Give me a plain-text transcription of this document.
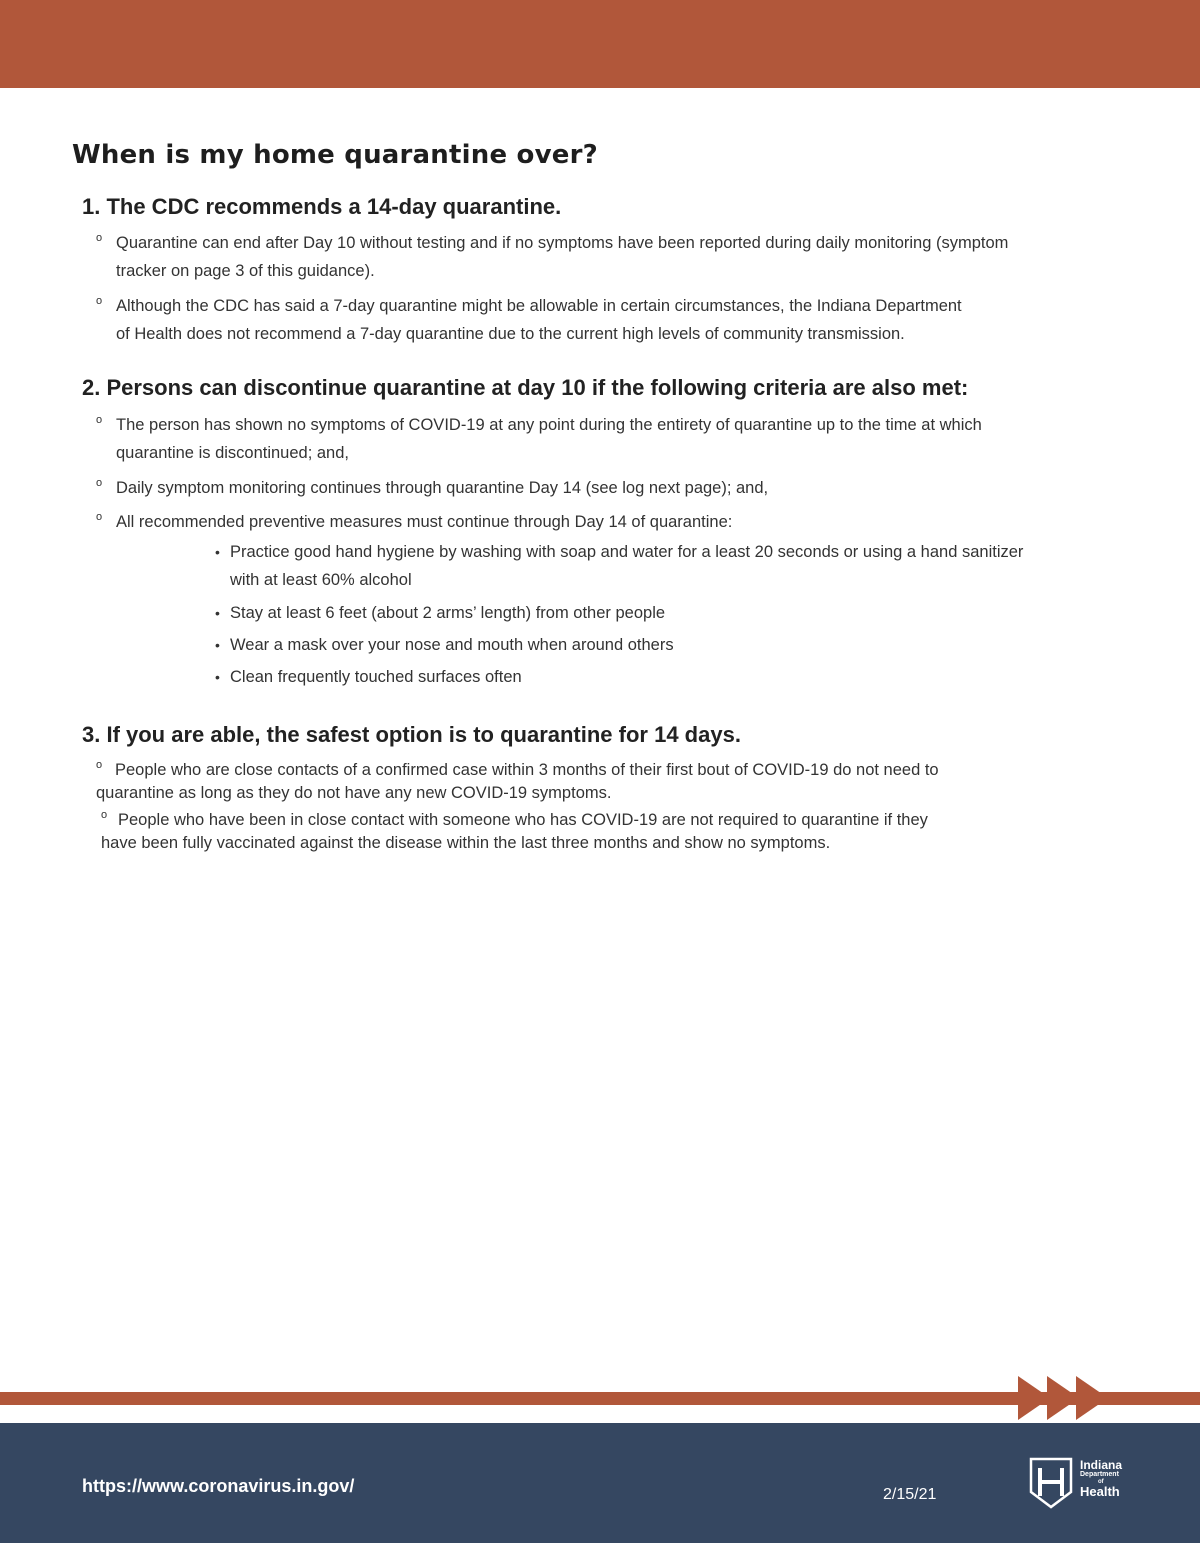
When is my home quarantine over?
1. The CDC recommends a 14-day quarantine.
o Quarantine can end after Day 10 without testing and if no symptoms have been reported during daily monitoring (symptom
tracker on page 3 of this guidance).
o Although the CDC has said a 7-day quarantine might be allowable in certain circumstances, the Indiana Department
of Health does not recommend a 7-day quarantine due to the current high levels of community transmission.
2. Persons can discontinue quarantine at day 10 if the following criteria are also met:
o The person has shown no symptoms of COVID-19 at any point during the entirety of quarantine up to the time at which
quarantine is discontinued; and,
o Daily symptom monitoring continues through quarantine Day 14 (see log next page); and,
o All recommended preventive measures must continue through Day 14 of quarantine:
• Practice good hand hygiene by washing with soap and water for a least 20 seconds or using a hand sanitizer
with at least 60% alcohol
• Stay at least 6 feet (about 2 arms’ length) from other people
• Wear a mask over your nose and mouth when around others
• Clean frequently touched surfaces often
3. If you are able, the safest option is to quarantine for 14 days.
o People who are close contacts of a confirmed case within 3 months of their first bout of COVID-19 do not need to
quarantine as long as they do not have any new COVID-19 symptoms.
o People who have been in close contact with someone who has COVID-19 are not required to quarantine if they
have been fully vaccinated against the disease within the last three months and show no symptoms.
https://www.coronavirus.in.gov/	2/15/21
Indiana
Department
of
Health
